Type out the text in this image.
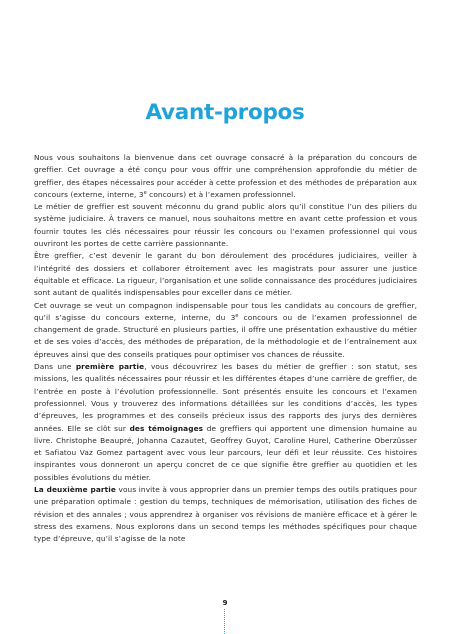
Avant-propos

Nous vous souhaitons la bienvenue dans cet ouvrage consacré à la préparation du concours de greffier. Cet ouvrage a été conçu pour vous offrir une compréhension approfondie du métier de greffier, des étapes nécessaires pour accéder à cette profession et des méthodes de préparation aux concours (externe, interne, 3e concours) et à l’examen professionnel.

Le métier de greffier est souvent méconnu du grand public alors qu’il constitue l’un des piliers du système judiciaire. À travers ce manuel, nous souhaitons mettre en avant cette profession et vous fournir toutes les clés nécessaires pour réussir les concours ou l’examen professionnel qui vous ouvriront les portes de cette carrière passionnante.

Être greffier, c’est devenir le garant du bon déroulement des procédures judiciaires, veiller à l’intégrité des dossiers et collaborer étroitement avec les magistrats pour assurer une justice équitable et efficace. La rigueur, l’organisation et une solide connaissance des procédures judiciaires sont autant de qualités indispensables pour exceller dans ce métier.

Cet ouvrage se veut un compagnon indispensable pour tous les candidats au concours de greffier, qu’il s’agisse du concours externe, interne, du 3e concours ou de l’examen professionnel de changement de grade. Structuré en plusieurs parties, il offre une présentation exhaustive du métier et de ses voies d’accès, des méthodes de préparation, de la méthodologie et de l’entraînement aux épreuves ainsi que des conseils pratiques pour optimiser vos chances de réussite.

Dans une première partie, vous découvrirez les bases du métier de greffier : son statut, ses missions, les qualités nécessaires pour réussir et les différentes étapes d’une carrière de greffier, de l’entrée en poste à l’évolution professionnelle. Sont présentés ensuite les concours et l’examen professionnel. Vous y trouverez des informations détaillées sur les conditions d’accès, les types d’épreuves, les programmes et des conseils précieux issus des rapports des jurys des dernières années. Elle se clôt sur des témoignages de greffiers qui apportent une dimension humaine au livre. Christophe Beaupré, Johanna Cazautet, Geoffrey Guyot, Caroline Hurel, Catherine Oberzüsser et Safiatou Vaz Gomez partagent avec vous leur parcours, leur défi et leur réussite. Ces histoires inspirantes vous donneront un aperçu concret de ce que signifie être greffier au quotidien et les possibles évolutions du métier.

La deuxième partie vous invite à vous approprier dans un premier temps des outils pratiques pour une préparation optimale : gestion du temps, techniques de mémorisation, utilisation des fiches de révision et des annales ; vous apprendrez à organiser vos révisions de manière efficace et à gérer le stress des examens. Nous explorons dans un second temps les méthodes spécifiques pour chaque type d’épreuve, qu’il s’agisse de la note

9
